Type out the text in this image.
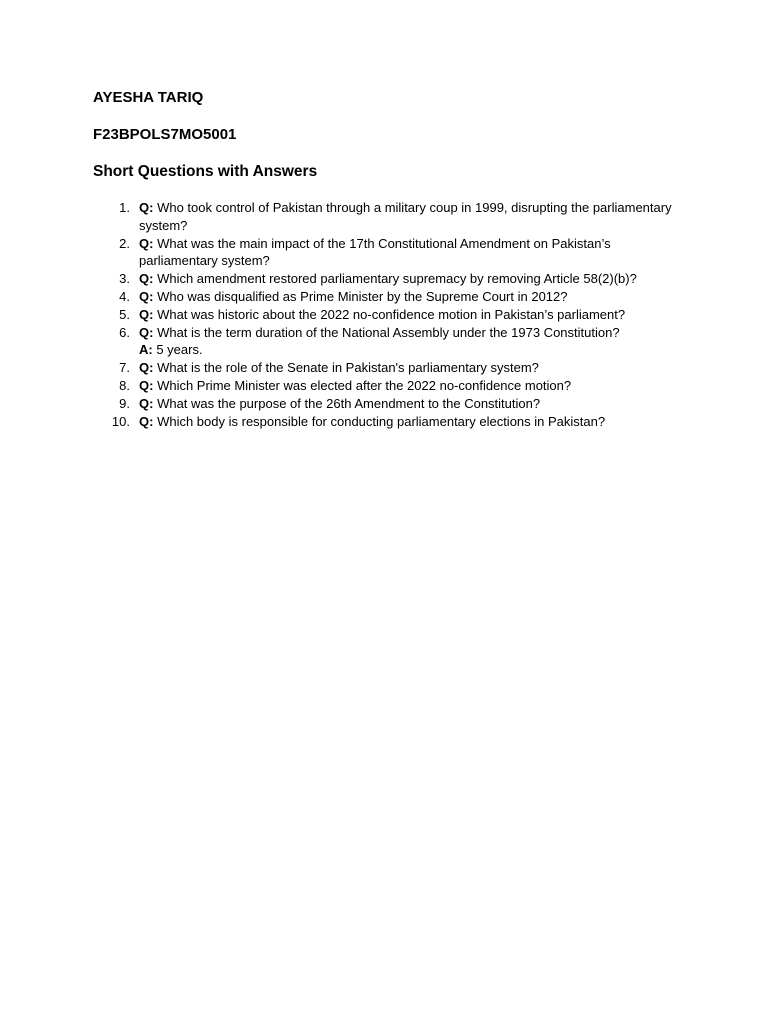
AYESHA TARIQ

F23BPOLS7MO5001

Short Questions with Answers

1. Q: Who took control of Pakistan through a military coup in 1999, disrupting the parliamentary system?
2. Q: What was the main impact of the 17th Constitutional Amendment on Pakistan’s parliamentary system?
3. Q: Which amendment restored parliamentary supremacy by removing Article 58(2)(b)?
4. Q: Who was disqualified as Prime Minister by the Supreme Court in 2012?
5. Q: What was historic about the 2022 no-confidence motion in Pakistan’s parliament?
6. Q: What is the term duration of the National Assembly under the 1973 Constitution?
A: 5 years.
7. Q: What is the role of the Senate in Pakistan's parliamentary system?
8. Q: Which Prime Minister was elected after the 2022 no-confidence motion?
9. Q: What was the purpose of the 26th Amendment to the Constitution?
10. Q: Which body is responsible for conducting parliamentary elections in Pakistan?
